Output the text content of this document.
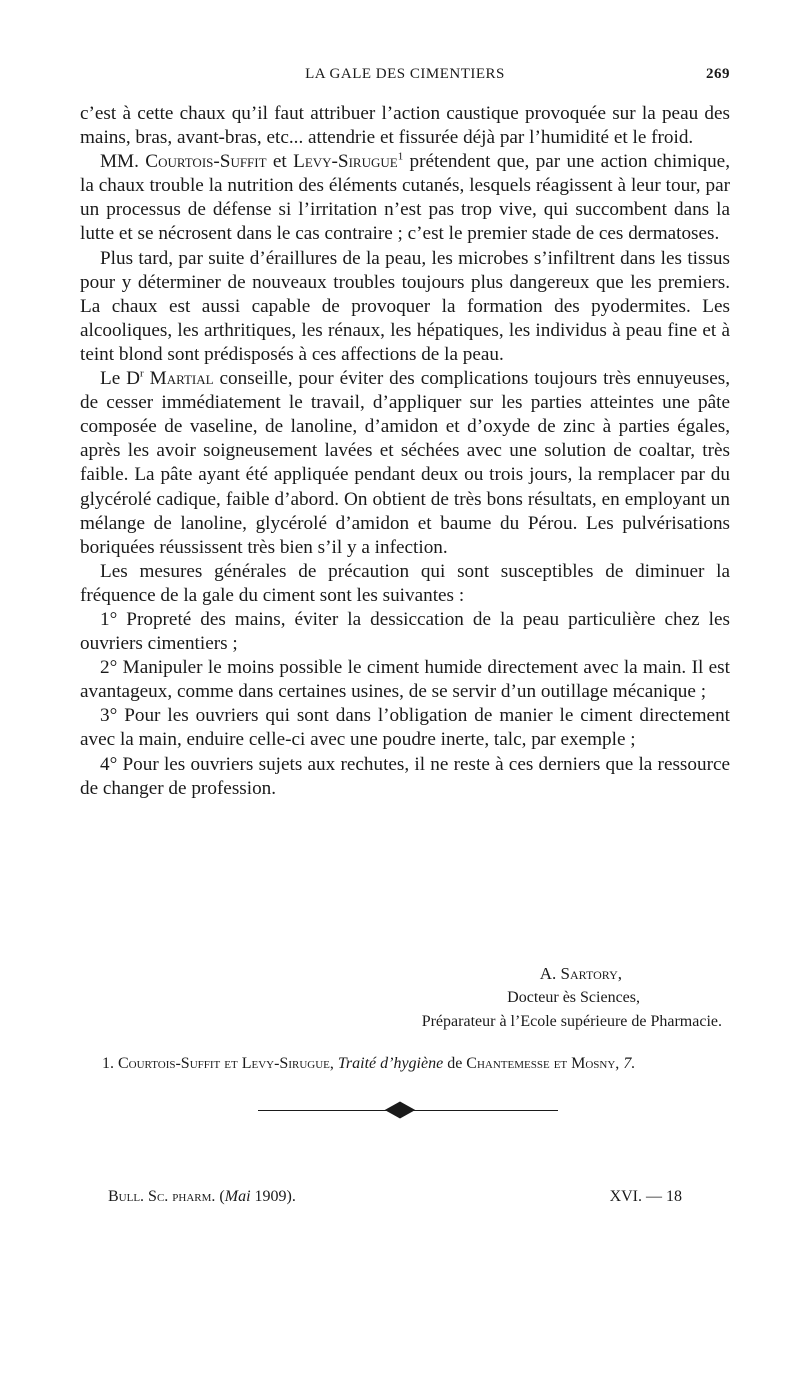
LA GALE DES CIMENTIERS	269

c’est à cette chaux qu’il faut attribuer l’action caustique provoquée sur la peau des mains, bras, avant-bras, etc... attendrie et fissurée déjà par l’humidité et le froid.

MM. Courtois-Suffit et Levy-Sirugue$^1$ prétendent que, par une action chimique, la chaux trouble la nutrition des éléments cutanés, lesquels réagissent à leur tour, par un processus de défense si l’irritation n’est pas trop vive, qui succombent dans la lutte et se nécrosent dans le cas contraire ; c’est le premier stade de ces dermatoses.

Plus tard, par suite d’éraillures de la peau, les microbes s’infiltrent dans les tissus pour y déterminer de nouveaux troubles toujours plus dangereux que les premiers. La chaux est aussi capable de provoquer la formation des pyodermites. Les alcooliques, les arthritiques, les rénaux, les hépatiques, les individus à peau fine et à teint blond sont prédisposés à ces affections de la peau.

Le $D^r$ Martial conseille, pour éviter des complications toujours très ennuyeuses, de cesser immédiatement le travail, d’appliquer sur les parties atteintes une pâte composée de vaseline, de lanoline, d’amidon et d’oxyde de zinc à parties égales, après les avoir soigneusement lavées et séchées avec une solution de coaltar, très faible. La pâte ayant été appliquée pendant deux ou trois jours, la remplacer par du glycérolé cadique, faible d’abord. On obtient de très bons résultats, en employant un mélange de lanoline, glycérolé d’amidon et baume du Pérou. Les pulvérisations boriquées réussissent très bien s’il y a infection.

Les mesures générales de précaution qui sont susceptibles de diminuer la fréquence de la gale du ciment sont les suivantes :

1° Propreté des mains, éviter la dessiccation de la peau particulière chez les ouvriers cimentiers ;

2° Manipuler le moins possible le ciment humide directement avec la main. Il est avantageux, comme dans certaines usines, de se servir d’un outillage mécanique ;

3° Pour les ouvriers qui sont dans l’obligation de manier le ciment directement avec la main, enduire celle-ci avec une poudre inerte, talc, par exemple ;

4° Pour les ouvriers sujets aux rechutes, il ne reste à ces derniers que la ressource de changer de profession.

A. Sartory,
Docteur ès Sciences,
Préparateur à l’Ecole supérieure de Pharmacie.
1. Courtois-Suffit et Levy-Sirugue, Traité d’hygiène de Chantemesse et Mosny, 7.
Bull. Sc. pharm. (Mai 1909).	XVI. — 18
